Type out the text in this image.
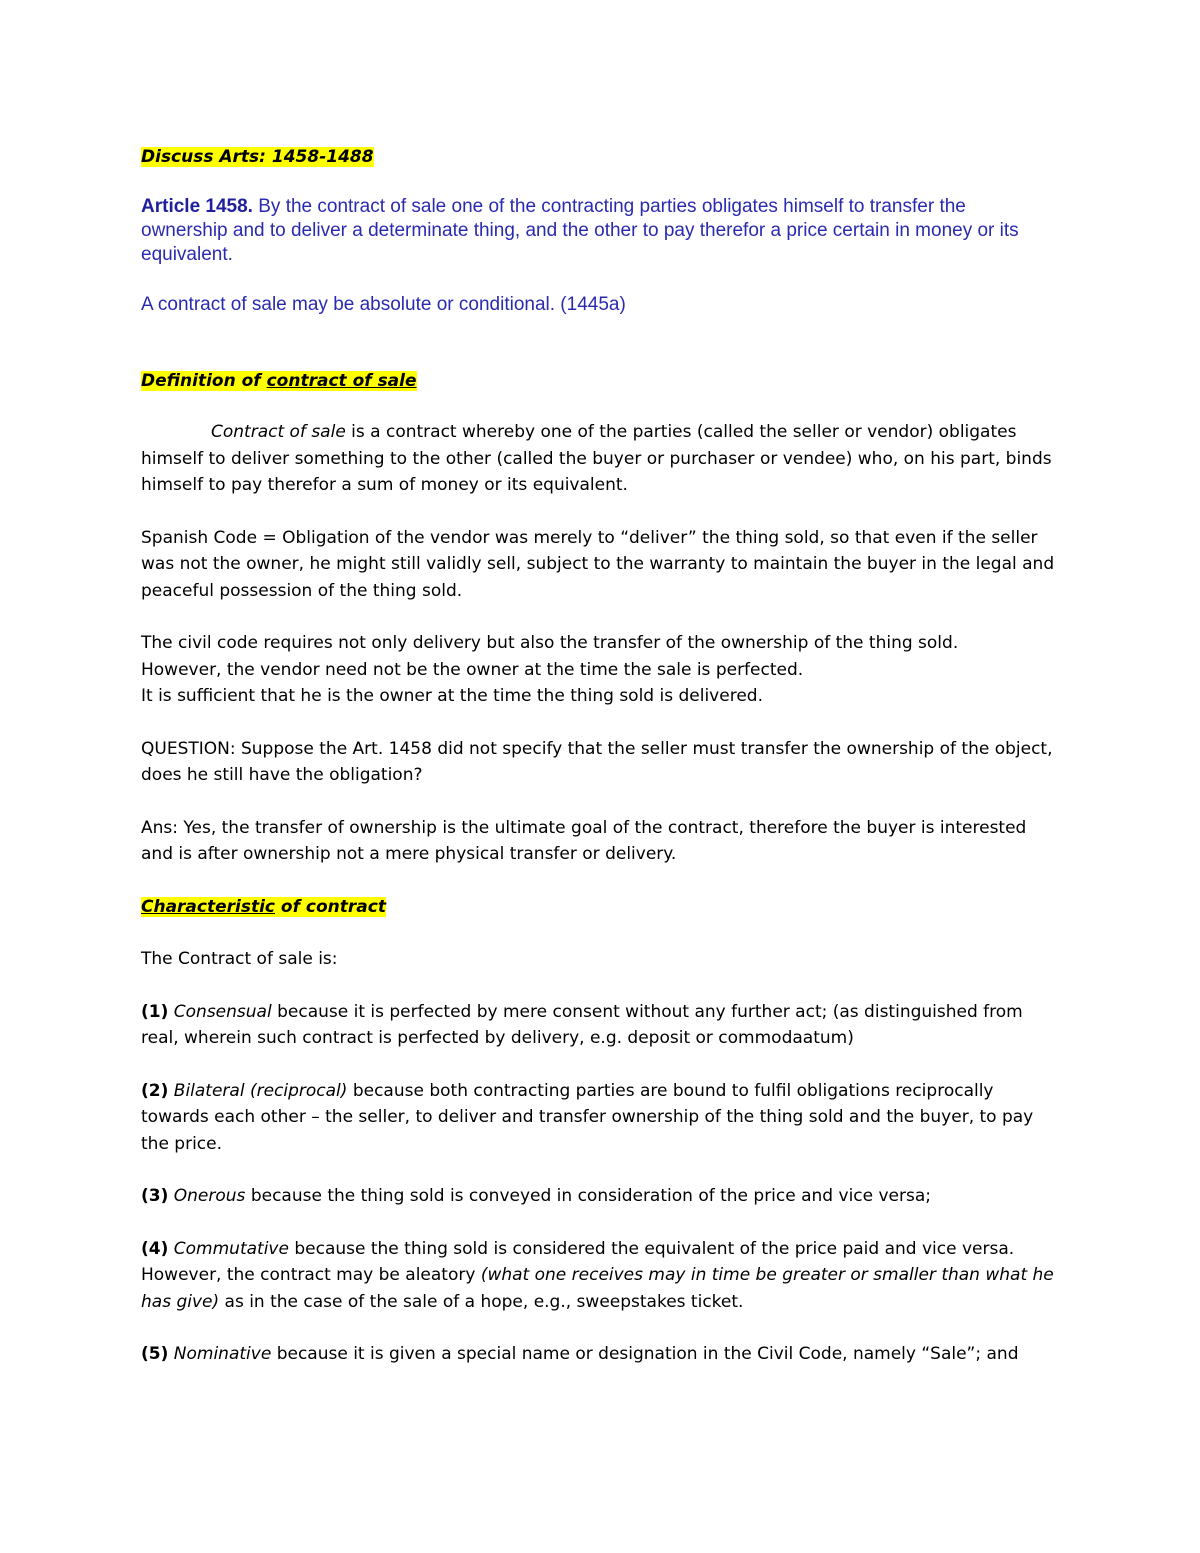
Discuss Arts: 1458-1488

Article 1458. By the contract of sale one of the contracting parties obligates himself to transfer the ownership and to deliver a determinate thing, and the other to pay therefor a price certain in money or its equivalent.

A contract of sale may be absolute or conditional. (1445a)

Definition of contract of sale

Contract of sale is a contract whereby one of the parties (called the seller or vendor) obligates himself to deliver something to the other (called the buyer or purchaser or vendee) who, on his part, binds himself to pay therefor a sum of money or its equivalent.

Spanish Code = Obligation of the vendor was merely to “deliver” the thing sold, so that even if the seller was not the owner, he might still validly sell, subject to the warranty to maintain the buyer in the legal and peaceful possession of the thing sold.

The civil code requires not only delivery but also the transfer of the ownership of the thing sold.
However, the vendor need not be the owner at the time the sale is perfected.
It is sufficient that he is the owner at the time the thing sold is delivered.

QUESTION: Suppose the Art. 1458 did not specify that the seller must transfer the ownership of the object, does he still have the obligation?

Ans: Yes, the transfer of ownership is the ultimate goal of the contract, therefore the buyer is interested and is after ownership not a mere physical transfer or delivery.

Characteristic of contract

The Contract of sale is:

(1) Consensual because it is perfected by mere consent without any further act; (as distinguished from real, wherein such contract is perfected by delivery, e.g. deposit or commodaatum)

(2) Bilateral (reciprocal) because both contracting parties are bound to fulfil obligations reciprocally towards each other – the seller, to deliver and transfer ownership of the thing sold and the buyer, to pay the price.

(3) Onerous because the thing sold is conveyed in consideration of the price and vice versa;

(4) Commutative because the thing sold is considered the equivalent of the price paid and vice versa. However, the contract may be aleatory (what one receives may in time be greater or smaller than what he has give) as in the case of the sale of a hope, e.g., sweepstakes ticket.

(5) Nominative because it is given a special name or designation in the Civil Code, namely “Sale”; and
